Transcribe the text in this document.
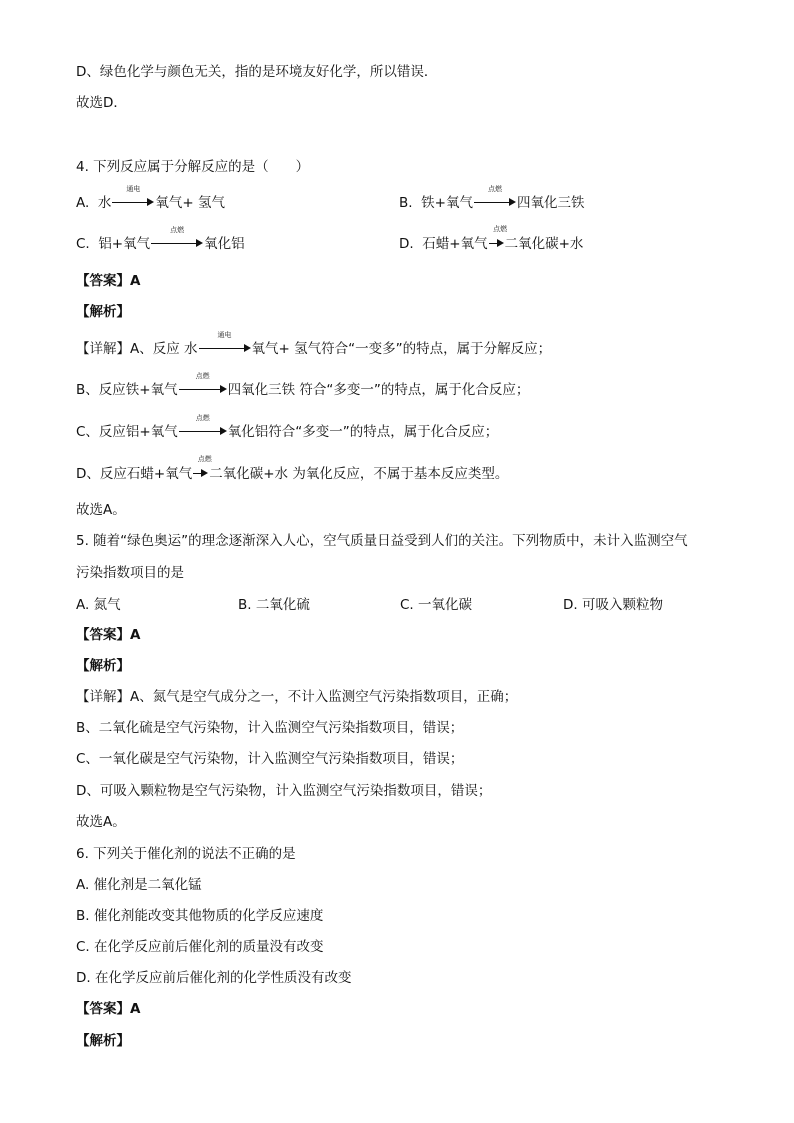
D、绿色化学与颜色无关，指的是环境友好化学，所以错误．
故选D．
4. 下列反应属于分解反应的是（　　）
A. 水
通电
氧气+ 氢气	B. 铁+氧气
点燃
四氧化三铁
C. 铝+氧气
点燃
氧化铝	D. 石蜡+氧气
点燃
二氧化碳+水
【答案】A
【解析】
【详解】A、反应 水
通电
氧气+ 氢气符合“一变多”的特点，属于分解反应；
B、反应铁+氧气
点燃
四氧化三铁 符合“多变一”的特点，属于化合反应；
C、反应铝+氧气
点燃
氧化铝符合“多变一”的特点，属于化合反应；
D、反应石蜡+氧气
点燃
二氧化碳+水 为氧化反应，不属于基本反应类型。
故选A。
5. 随着“绿色奥运”的理念逐渐深入人心，空气质量日益受到人们的关注。下列物质中，未计入监测空气
污染指数项目的是
A. 氮气	B. 二氧化硫	C. 一氧化碳	D. 可吸入颗粒物
【答案】A
【解析】
【详解】A、氮气是空气成分之一，不计入监测空气污染指数项目，正确；
B、二氧化硫是空气污染物，计入监测空气污染指数项目，错误；
C、一氧化碳是空气污染物，计入监测空气污染指数项目，错误；
D、可吸入颗粒物是空气污染物，计入监测空气污染指数项目，错误；
故选A。
6. 下列关于催化剂的说法不正确的是
A. 催化剂是二氧化锰
B. 催化剂能改变其他物质的化学反应速度
C. 在化学反应前后催化剂的质量没有改变
D. 在化学反应前后催化剂的化学性质没有改变
【答案】A
【解析】
